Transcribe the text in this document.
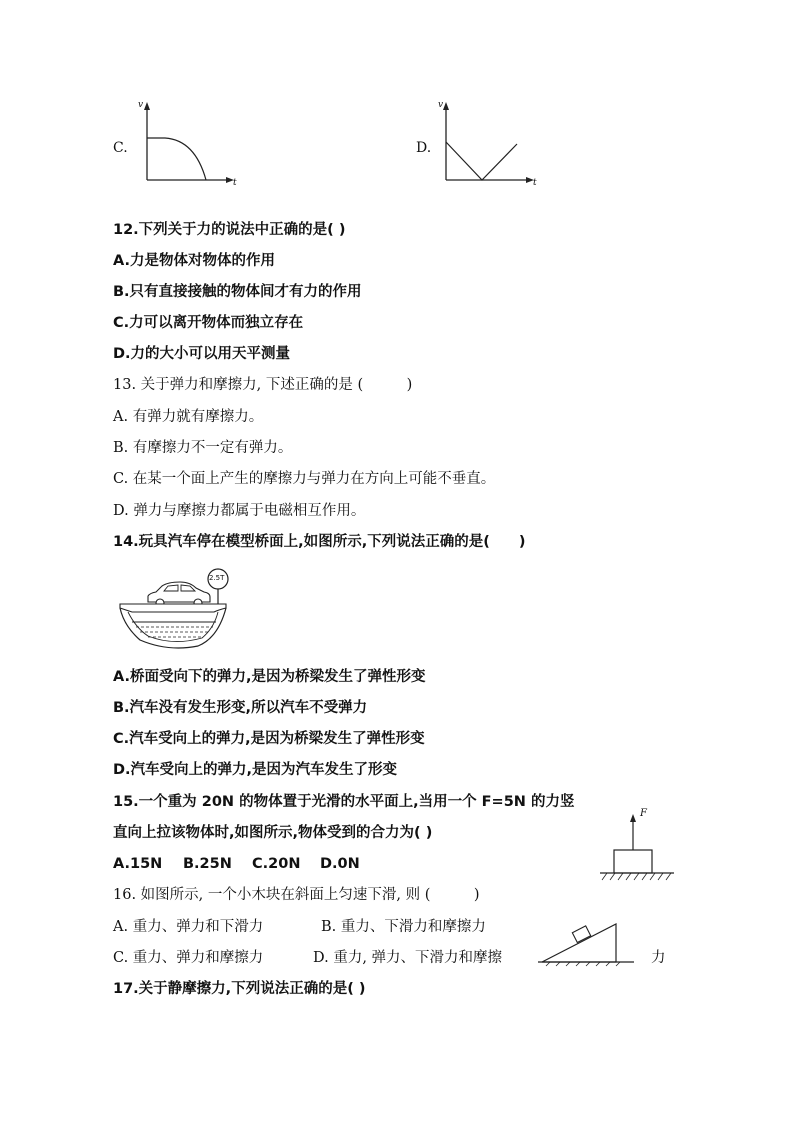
C.
v
t
D.
v
t
12.下列关于力的说法中正确的是( )
A.力是物体对物体的作用
B.只有直接接触的物体间才有力的作用
C.力可以离开物体而独立存在
D.力的大小可以用天平测量
13. 关于弹力和摩擦力, 下述正确的是 (　　　)
A. 有弹力就有摩擦力。
B. 有摩擦力不一定有弹力。
C. 在某一个面上产生的摩擦力与弹力在方向上可能不垂直。
D. 弹力与摩擦力都属于电磁相互作用。
14.玩具汽车停在模型桥面上,如图所示,下列说法正确的是(　　)
2.5T
A.桥面受向下的弹力,是因为桥梁发生了弹性形变
B.汽车没有发生形变,所以汽车不受弹力
C.汽车受向上的弹力,是因为桥梁发生了弹性形变
D.汽车受向上的弹力,是因为汽车发生了形变
15.一个重为 20N 的物体置于光滑的水平面上,当用一个 F=5N 的力竖
直向上拉该物体时,如图所示,物体受到的合力为( )
A.15N B.25N C.20N D.0N
F
16. 如图所示, 一个小木块在斜面上匀速下滑, 则 (　　　)
A. 重力、弹力和下滑力	B. 重力、下滑力和摩擦力
C. 重力、弹力和摩擦力	D. 重力, 弹力、下滑力和摩擦	力
17.关于静摩擦力,下列说法正确的是( )
